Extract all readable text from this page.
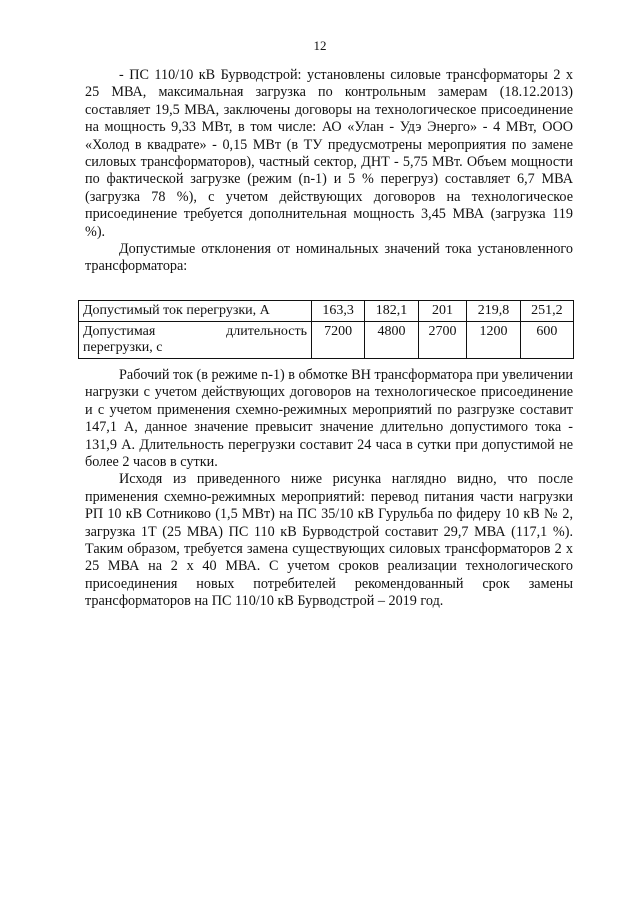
12

- ПС 110/10 кВ Бурводстрой: установлены силовые трансформаторы 2 x 25 МВА, максимальная загрузка по контрольным замерам (18.12.2013) составляет 19,5 МВА, заключены договоры на технологическое присоединение на мощность 9,33 МВт, в том числе: АО «Улан - Удэ Энерго» - 4 МВт, ООО «Холод в квадрате» - 0,15 МВт (в ТУ предусмотрены мероприятия по замене силовых трансформаторов), частный сектор, ДНТ - 5,75 МВт. Объем мощности по фактической загрузке (режим (n-1) и 5 % перегруз) составляет 6,7 МВА (загрузка 78 %), с учетом действующих договоров на технологическое присоединение требуется дополнительная мощность 3,45 МВА (загрузка 119 %).

Допустимые отклонения от номинальных значений тока установленного трансформатора:

Допустимый ток перегрузки, А	163,3	182,1	201	219,8	251,2
Допустимая длительность перегрузки, с	7200	4800	2700	1200	600

Рабочий ток (в режиме n-1) в обмотке ВН трансформатора при увеличении нагрузки с учетом действующих договоров на технологическое присоединение и с учетом применения схемно-режимных мероприятий по разгрузке составит 147,1 А, данное значение превысит значение длительно допустимого тока - 131,9 А. Длительность перегрузки составит 24 часа в сутки при допустимой не более 2 часов в сутки.

Исходя из приведенного ниже рисунка наглядно видно, что после применения схемно-режимных мероприятий: перевод питания части нагрузки РП 10 кВ Сотниково (1,5 МВт) на ПС 35/10 кВ Гурульба по фидеру 10 кВ № 2, загрузка 1Т (25 МВА) ПС 110 кВ Бурводстрой составит 29,7 МВА (117,1 %). Таким образом, требуется замена существующих силовых трансформаторов 2 x 25 МВА на 2 x 40 МВА. С учетом сроков реализации технологического присоединения новых потребителей рекомендованный срок замены трансформаторов на ПС 110/10 кВ Бурводстрой – 2019 год.
